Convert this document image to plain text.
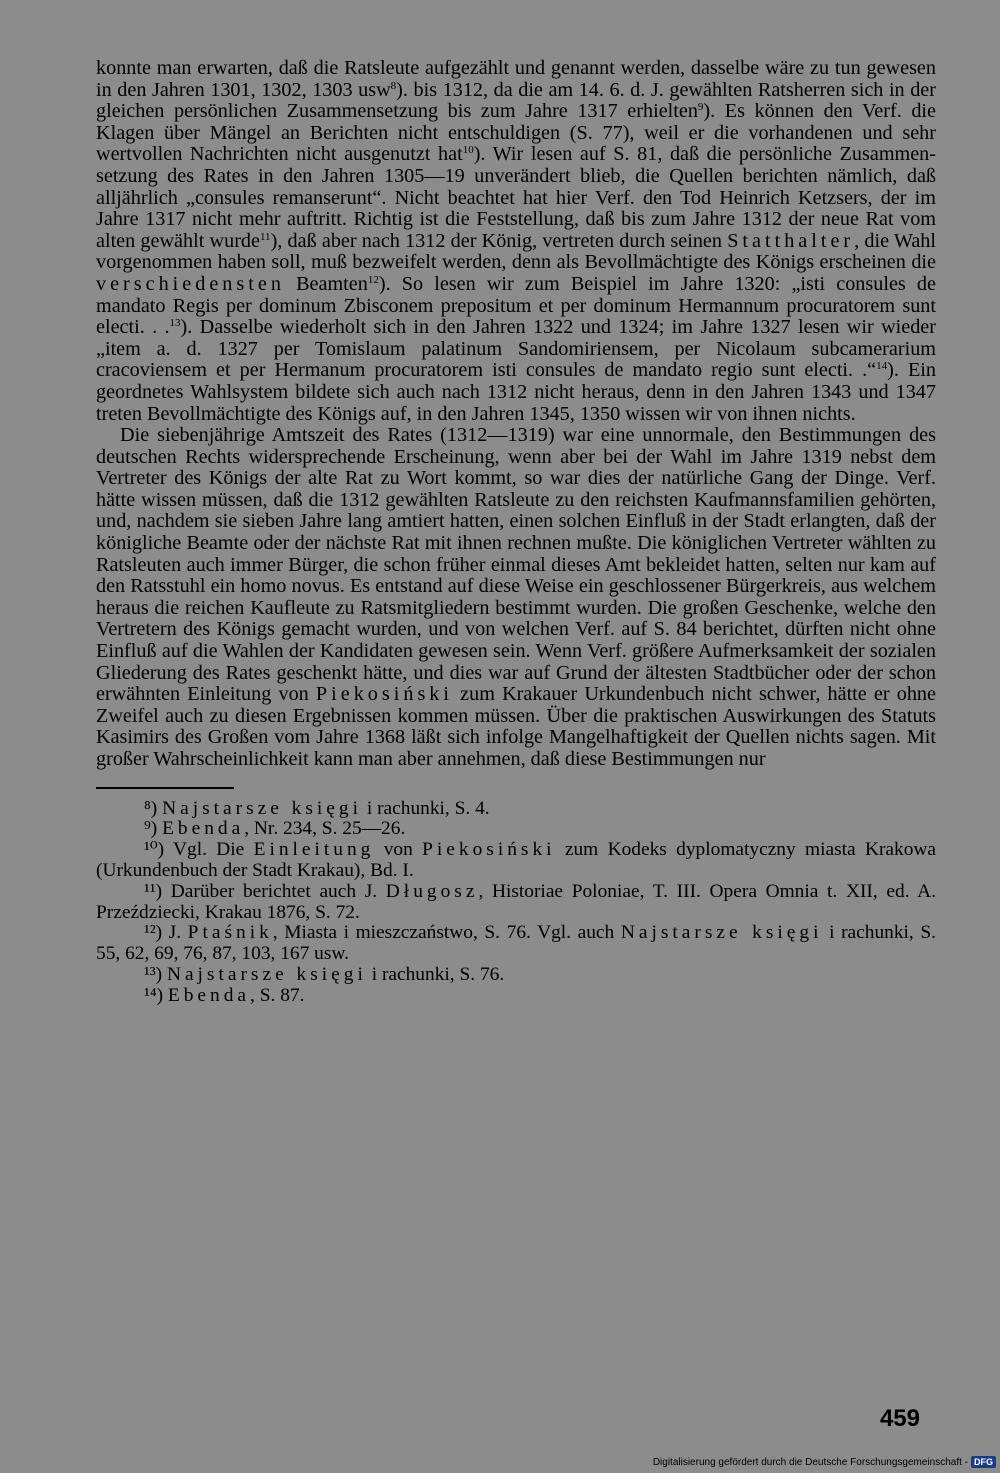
konnte man erwarten, daß die Ratsleute aufgezählt und genannt werden, dasselbe wäre zu tun gewesen in den Jahren 1301, 1302, 1303 usw$^8$). bis 1312, da die am 14. 6. d. J. gewählten Ratsherren sich in der gleichen persönlichen Zusammensetzung bis zum Jahre 1317 erhielten$^9$). Es können den Verf. die Klagen über Mängel an Berichten nicht entschuldigen (S. 77), weil er die vorhandenen und sehr wertvollen Nachrichten nicht ausgenutzt hat$^{10}$). Wir lesen auf S. 81, daß die persönliche Zusammensetzung des Rates in den Jahren 1305—19 unverändert blieb, die Quellen berichten nämlich, daß alljährlich „consules remanserunt“. Nicht beachtet hat hier Verf. den Tod Heinrich Ketzsers, der im Jahre 1317 nicht mehr auftritt. Richtig ist die Feststellung, daß bis zum Jahre 1312 der neue Rat vom alten gewählt wurde$^{11}$), daß aber nach 1312 der König, vertreten durch seinen Statthalter, die Wahl vorgenommen haben soll, muß bezweifelt werden, denn als Bevollmächtigte des Königs erscheinen die verschiedensten Beamten$^{12}$). So lesen wir zum Beispiel im Jahre 1320: „isti consules de mandato Regis per dominum Zbisconem prepositum et per dominum Hermannum procuratorem sunt electi. . .$^{13}$). Dasselbe wiederholt sich in den Jahren 1322 und 1324; im Jahre 1327 lesen wir wieder „item a. d. 1327 per Tomislaum palatinum Sandomiriensem, per Nicolaum subcamerarium cracoviensem et per Hermanum procuratorem isti consules de mandato regio sunt electi. .“$^{14}$). Ein geordnetes Wahlsystem bildete sich auch nach 1312 nicht heraus, denn in den Jahren 1343 und 1347 treten Bevollmächtigte des Königs auf, in den Jahren 1345, 1350 wissen wir von ihnen nichts.

Die siebenjährige Amtszeit des Rates (1312—1319) war eine unnormale, den Bestimmungen des deutschen Rechts widersprechende Erscheinung, wenn aber bei der Wahl im Jahre 1319 nebst dem Vertreter des Königs der alte Rat zu Wort kommt, so war dies der natürliche Gang der Dinge. Verf. hätte wissen müssen, daß die 1312 gewählten Ratsleute zu den reichsten Kaufmannsfamilien gehörten, und, nachdem sie sieben Jahre lang amtiert hatten, einen solchen Einfluß in der Stadt erlangten, daß der königliche Beamte oder der nächste Rat mit ihnen rechnen mußte. Die königlichen Vertreter wählten zu Ratsleuten auch immer Bürger, die schon früher einmal dieses Amt bekleidet hatten, selten nur kam auf den Ratsstuhl ein homo novus. Es entstand auf diese Weise ein geschlossener Bürgerkreis, aus welchem heraus die reichen Kaufleute zu Ratsmitgliedern bestimmt wurden. Die großen Geschenke, welche den Vertretern des Königs gemacht wurden, und von welchen Verf. auf S. 84 berichtet, dürften nicht ohne Einfluß auf die Wahlen der Kandidaten gewesen sein. Wenn Verf. größere Aufmerksamkeit der sozialen Gliederung des Rates geschenkt hätte, und dies war auf Grund der ältesten Stadtbücher oder der schon erwähnten Einleitung von Piekosiński zum Krakauer Urkundenbuch nicht schwer, hätte er ohne Zweifel auch zu diesen Ergebnissen kommen müssen. Über die praktischen Auswirkungen des Statuts Kasimirs des Großen vom Jahre 1368 läßt sich infolge Mangelhaftigkeit der Quellen nichts sagen. Mit großer Wahrscheinlichkeit kann man aber annehmen, daß diese Bestimmungen nur

⁸) Najstarsze księgi i rachunki, S. 4.

⁹) Ebenda, Nr. 234, S. 25—26.

¹⁰) Vgl. Die Einleitung von Piekosiński zum Kodeks dyplomatyczny miasta Krakowa (Urkundenbuch der Stadt Krakau), Bd. I.

¹¹) Darüber berichtet auch J. Długosz, Historiae Poloniae, T. III. Opera Omnia t. XII, ed. A. Przeździecki, Krakau 1876, S. 72.

¹²) J. Ptaśnik, Miasta i mieszczaństwo, S. 76. Vgl. auch Najstarsze księgi i rachunki, S. 55, 62, 69, 76, 87, 103, 167 usw.

¹³) Najstarsze księgi i rachunki, S. 76.

¹⁴) Ebenda, S. 87.

459
Digitalisierung gefördert durch die Deutsche Forschungsgemeinschaft - DFG
